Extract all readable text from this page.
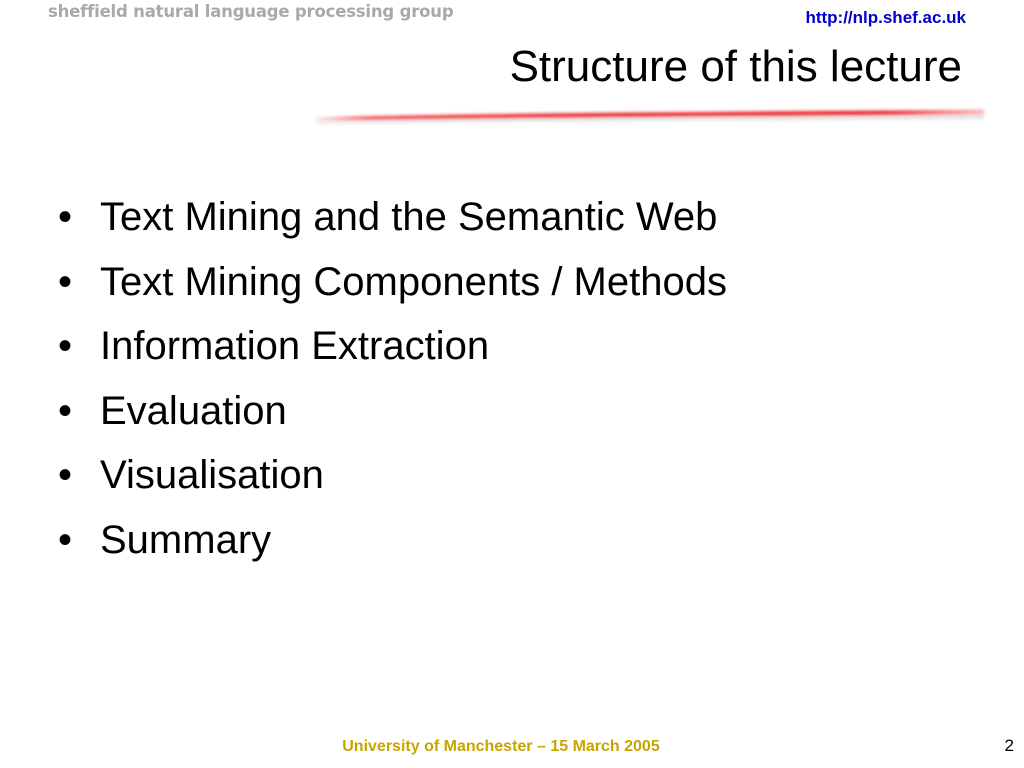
sheffield natural language processing group	http://nlp.shef.ac.uk
Structure of this lecture
• Text Mining and the Semantic Web
• Text Mining Components / Methods
• Information Extraction
• Evaluation
• Visualisation
• Summary
University of Manchester – 15 March 2005	2
